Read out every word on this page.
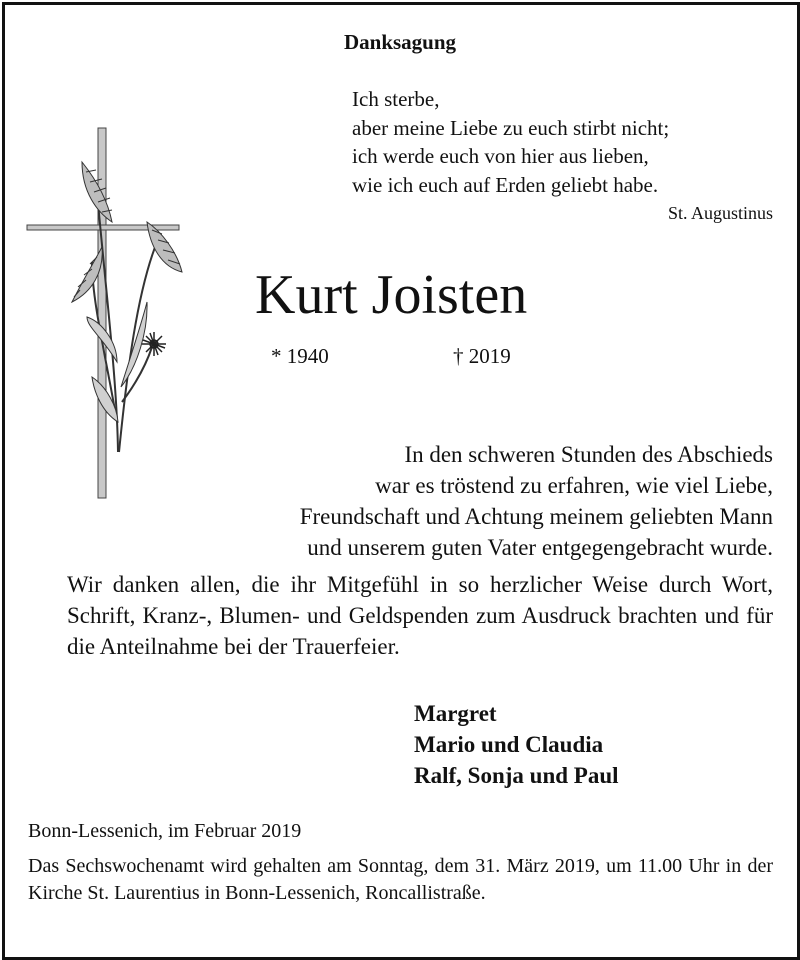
Danksagung
Ich sterbe,
aber meine Liebe zu euch stirbt nicht;
ich werde euch von hier aus lieben,
wie ich euch auf Erden geliebt habe.
St. Augustinus
Kurt Joisten
* 1940	† 2019
In den schweren Stunden des Abschieds
war es tröstend zu erfahren, wie viel Liebe,
Freundschaft und Achtung meinem geliebten Mann
und unserem guten Vater entgegengebracht wurde.
Wir danken allen, die ihr Mitgefühl in so herzlicher Weise durch Wort, Schrift, Kranz-, Blumen- und Geldspenden zum Ausdruck brachten und für die Anteilnahme bei der Trauerfeier.
Margret
Mario und Claudia
Ralf, Sonja und Paul
Bonn-Lessenich, im Februar 2019
Das Sechswochenamt wird gehalten am Sonntag, dem 31. März 2019, um 11.00 Uhr in der Kirche St. Laurentius in Bonn-Lessenich, Roncallistraße.
